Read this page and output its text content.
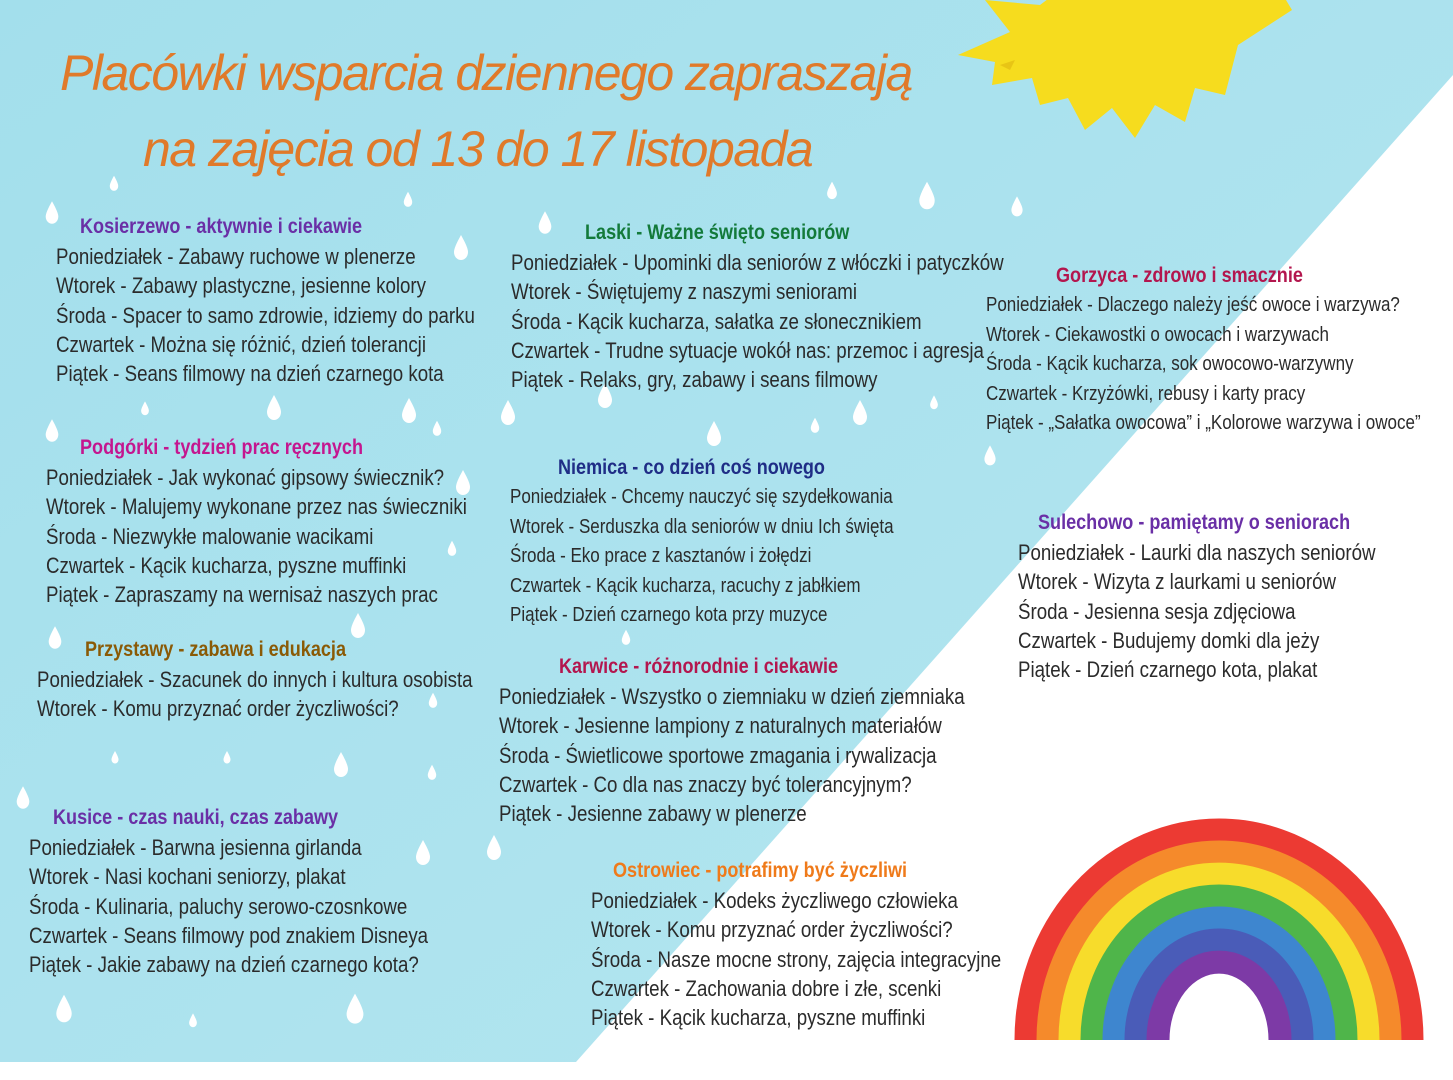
Placówki wsparcia dziennego zapraszają
na zajęcia od 13 do 17 listopada
Kosierzewo - aktywnie i ciekawie
Poniedziałek - Zabawy ruchowe w plenerze
Wtorek - Zabawy plastyczne, jesienne kolory
Środa - Spacer to samo zdrowie, idziemy do parku
Czwartek - Można się różnić, dzień tolerancji
Piątek - Seans filmowy na dzień czarnego kota
Podgórki - tydzień prac ręcznych
Poniedziałek - Jak wykonać gipsowy świecznik?
Wtorek - Malujemy wykonane przez nas świeczniki
Środa - Niezwykłe malowanie wacikami
Czwartek - Kącik kucharza, pyszne muffinki
Piątek - Zapraszamy na wernisaż naszych prac
Przystawy - zabawa i edukacja
Poniedziałek - Szacunek do innych i kultura osobista
Wtorek - Komu przyznać order życzliwości?
Kusice - czas nauki, czas zabawy
Poniedziałek - Barwna jesienna girlanda
Wtorek - Nasi kochani seniorzy, plakat
Środa - Kulinaria, paluchy serowo-czosnkowe
Czwartek - Seans filmowy pod znakiem Disneya
Piątek - Jakie zabawy na dzień czarnego kota?
Laski - Ważne święto seniorów
Poniedziałek - Upominki dla seniorów z włóczki i patyczków
Wtorek - Świętujemy z naszymi seniorami
Środa - Kącik kucharza, sałatka ze słonecznikiem
Czwartek - Trudne sytuacje wokół nas: przemoc i agresja
Piątek - Relaks, gry, zabawy i seans filmowy
Niemica - co dzień coś nowego
Poniedziałek - Chcemy nauczyć się szydełkowania
Wtorek - Serduszka dla seniorów w dniu Ich święta
Środa - Eko prace z kasztanów i żołędzi
Czwartek - Kącik kucharza, racuchy z jabłkiem
Piątek - Dzień czarnego kota przy muzyce
Karwice - różnorodnie i ciekawie
Poniedziałek - Wszystko o ziemniaku w dzień ziemniaka
Wtorek - Jesienne lampiony z naturalnych materiałów
Środa - Świetlicowe sportowe zmagania i rywalizacja
Czwartek - Co dla nas znaczy być tolerancyjnym?
Piątek - Jesienne zabawy w plenerze
Ostrowiec - potrafimy być życzliwi
Poniedziałek - Kodeks życzliwego człowieka
Wtorek - Komu przyznać order życzliwości?
Środa - Nasze mocne strony, zajęcia integracyjne
Czwartek - Zachowania dobre i złe, scenki
Piątek - Kącik kucharza, pyszne muffinki
Gorzyca - zdrowo i smacznie
Poniedziałek - Dlaczego należy jeść owoce i warzywa?
Wtorek - Ciekawostki o owocach i warzywach
Środa - Kącik kucharza, sok owocowo-warzywny
Czwartek - Krzyżówki, rebusy i karty pracy
Piątek - „Sałatka owocowa” i „Kolorowe warzywa i owoce”
Sulechowo - pamiętamy o seniorach
Poniedziałek - Laurki dla naszych seniorów
Wtorek - Wizyta z laurkami u seniorów
Środa - Jesienna sesja zdjęciowa
Czwartek - Budujemy domki dla jeży
Piątek - Dzień czarnego kota, plakat
